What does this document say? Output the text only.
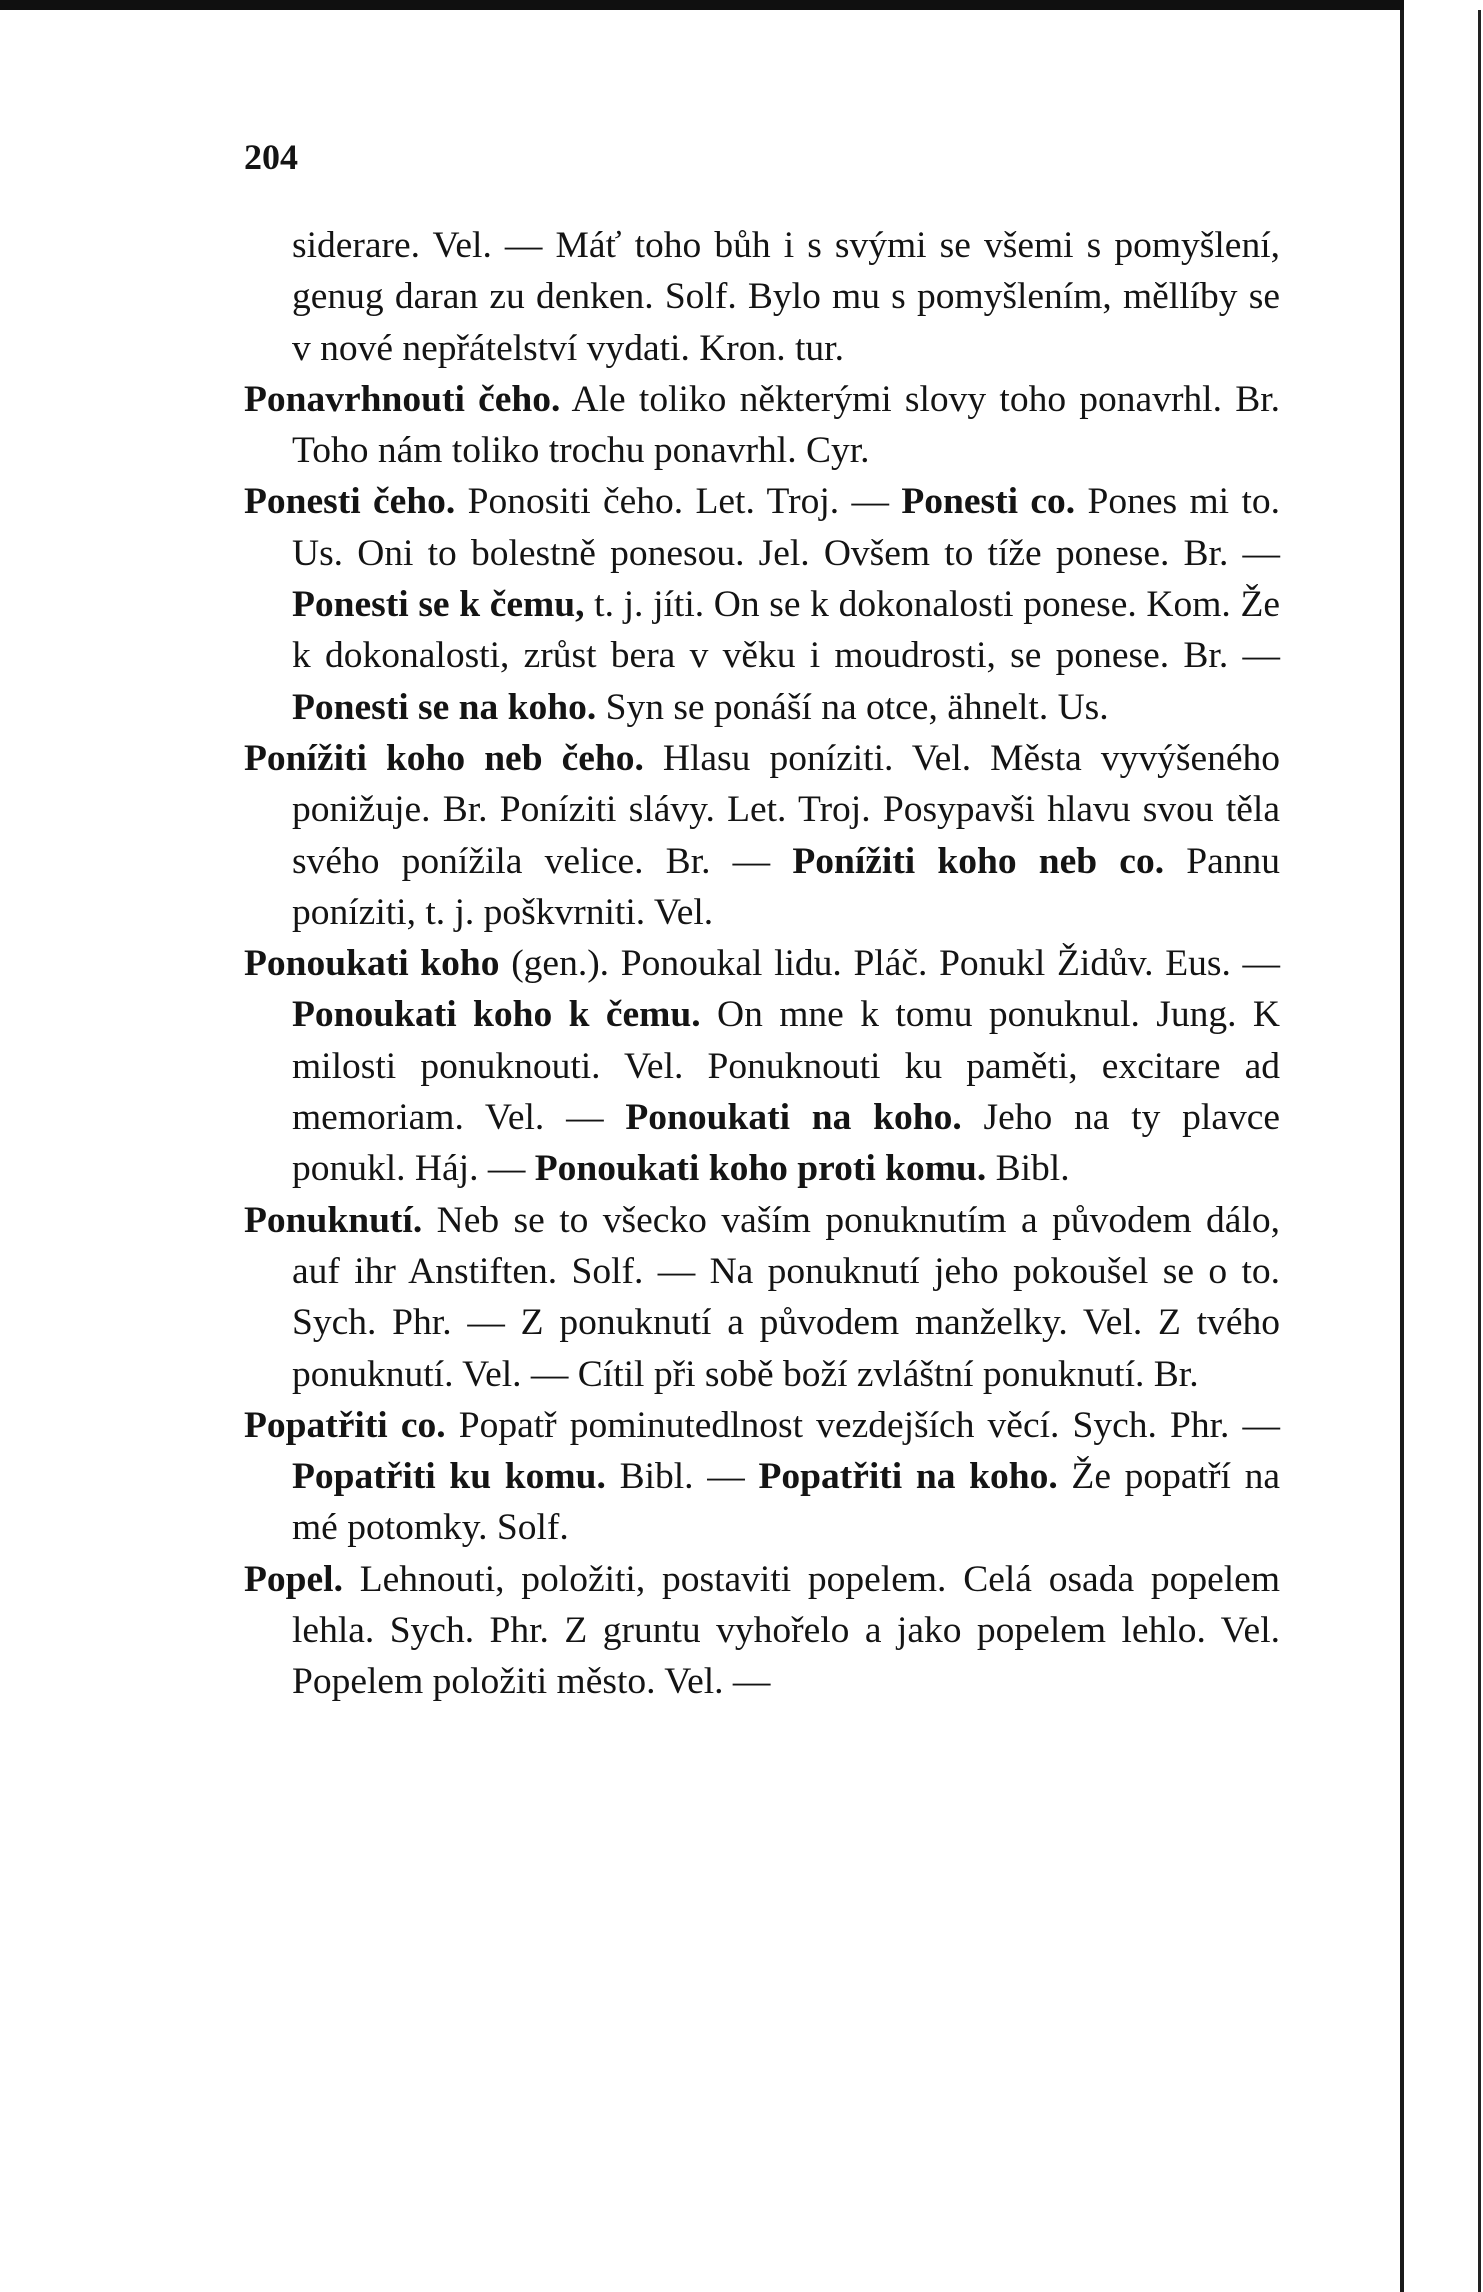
204

siderare. Vel. — Máť toho bůh i s svými se všemi s pomyšlení, genug daran zu denken. Solf. Bylo mu s pomyšlením, měllíby se v nové nepřátelství vydati. Kron. tur.

Ponavrhnouti čeho. Ale toliko některými slovy toho ponavrhl. Br. Toho nám toliko trochu ponavrhl. Cyr.

Ponesti čeho. Ponositi čeho. Let. Troj. — Ponesti co. Pones mi to. Us. Oni to bolestně ponesou. Jel. Ovšem to tíže ponese. Br. — Ponesti se k čemu, t. j. jíti. On se k dokonalosti ponese. Kom. Že k dokonalosti, zrůst bera v věku i moudrosti, se ponese. Br. — Ponesti se na koho. Syn se ponáší na otce, ähnelt. Us.

Ponížiti koho neb čeho. Hlasu poníziti. Vel. Města vyvýšeného ponižuje. Br. Poníziti slávy. Let. Troj. Posypavši hlavu svou těla svého ponížila velice. Br. — Ponížiti koho neb co. Pannu poníziti, t. j. poškvrniti. Vel.

Ponoukati koho (gen.). Ponoukal lidu. Pláč. Ponukl Židův. Eus. — Ponoukati koho k čemu. On mne k tomu ponuknul. Jung. K milosti ponuknouti. Vel. Ponuknouti ku paměti, excitare ad memoriam. Vel. — Ponoukati na koho. Jeho na ty plavce ponukl. Háj. — Ponoukati koho proti komu. Bibl.

Ponuknutí. Neb se to všecko vaším ponuknutím a původem dálo, auf ihr Anstiften. Solf. — Na ponuknutí jeho pokoušel se o to. Sych. Phr. — Z ponuknutí a původem manželky. Vel. Z tvého ponuknutí. Vel. — Cítil při sobě boží zvláštní ponuknutí. Br.

Popatřiti co. Popatř pominutedlnost vezdejších věcí. Sych. Phr. — Popatřiti ku komu. Bibl. — Popatřiti na koho. Že popatří na mé potomky. Solf.

Popel. Lehnouti, položiti, postaviti popelem. Celá osada popelem lehla. Sych. Phr. Z gruntu vyhořelo a jako popelem lehlo. Vel. Popelem položiti město. Vel. —
